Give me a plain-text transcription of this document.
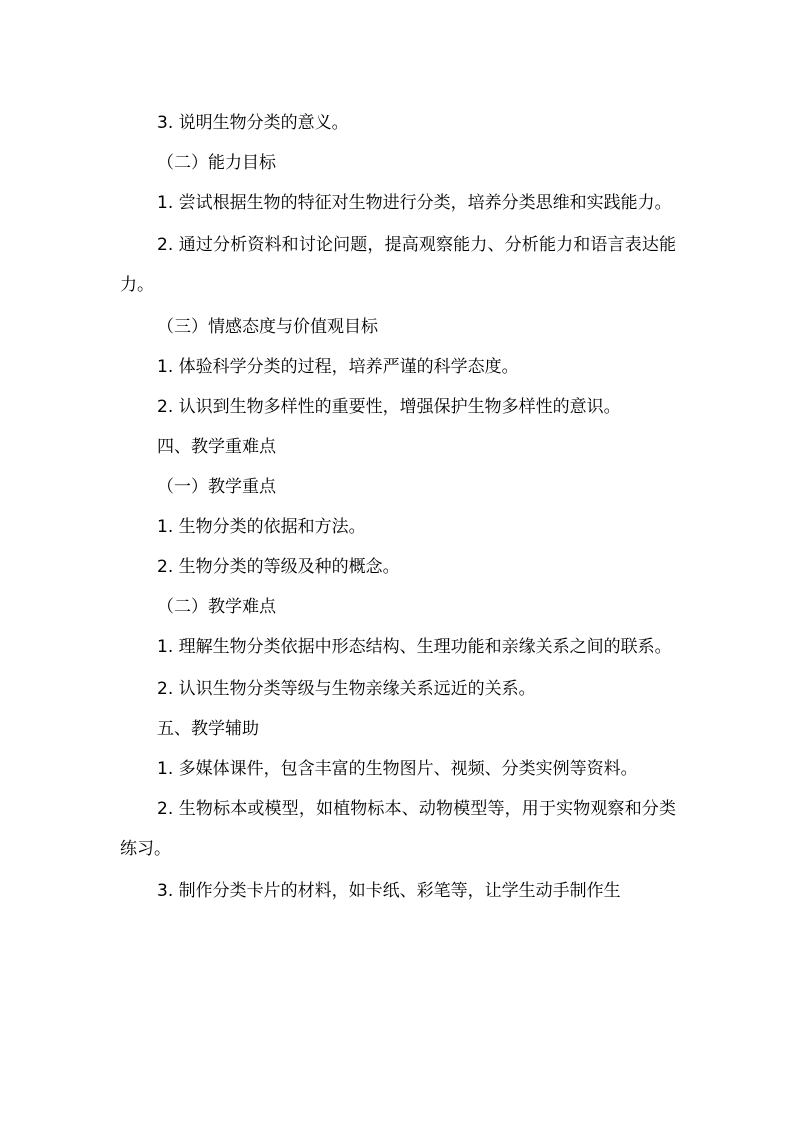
3. 说明生物分类的意义。

（二）能力目标

1. 尝试根据生物的特征对生物进行分类，培养分类思维和实践能力。

2. 通过分析资料和讨论问题，提高观察能力、分析能力和语言表达能力。

（三）情感态度与价值观目标

1. 体验科学分类的过程，培养严谨的科学态度。

2. 认识到生物多样性的重要性，增强保护生物多样性的意识。

四、教学重难点

（一）教学重点

1. 生物分类的依据和方法。

2. 生物分类的等级及种的概念。

（二）教学难点

1. 理解生物分类依据中形态结构、生理功能和亲缘关系之间的联系。

2. 认识生物分类等级与生物亲缘关系远近的关系。

五、教学辅助

1. 多媒体课件，包含丰富的生物图片、视频、分类实例等资料。

2. 生物标本或模型，如植物标本、动物模型等，用于实物观察和分类练习。

3. 制作分类卡片的材料，如卡纸、彩笔等，让学生动手制作生
